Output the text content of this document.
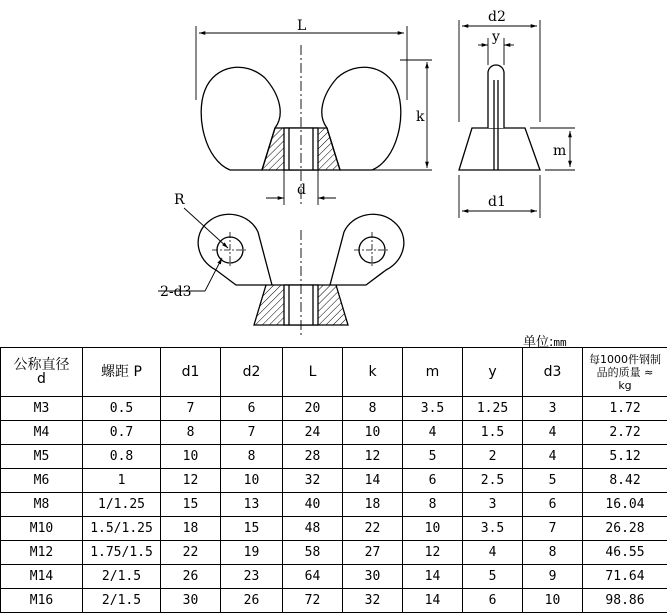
L
k
d
d2
y
m
d1
R
2-d3
单位:mm
公称直径
d	螺距 P	d1	d2	L	k	m	y	d3	每1000件钢制
品的质量 ≈
kg
M3	0.5	7	6	20	8	3.5	1.25	3	1.72
M4	0.7	8	7	24	10	4	1.5	4	2.72
M5	0.8	10	8	28	12	5	2	4	5.12
M6	1	12	10	32	14	6	2.5	5	8.42
M8	1/1.25	15	13	40	18	8	3	6	16.04
M10	1.5/1.25	18	15	48	22	10	3.5	7	26.28
M12	1.75/1.5	22	19	58	27	12	4	8	46.55
M14	2/1.5	26	23	64	30	14	5	9	71.64
M16	2/1.5	30	26	72	32	14	6	10	98.86
